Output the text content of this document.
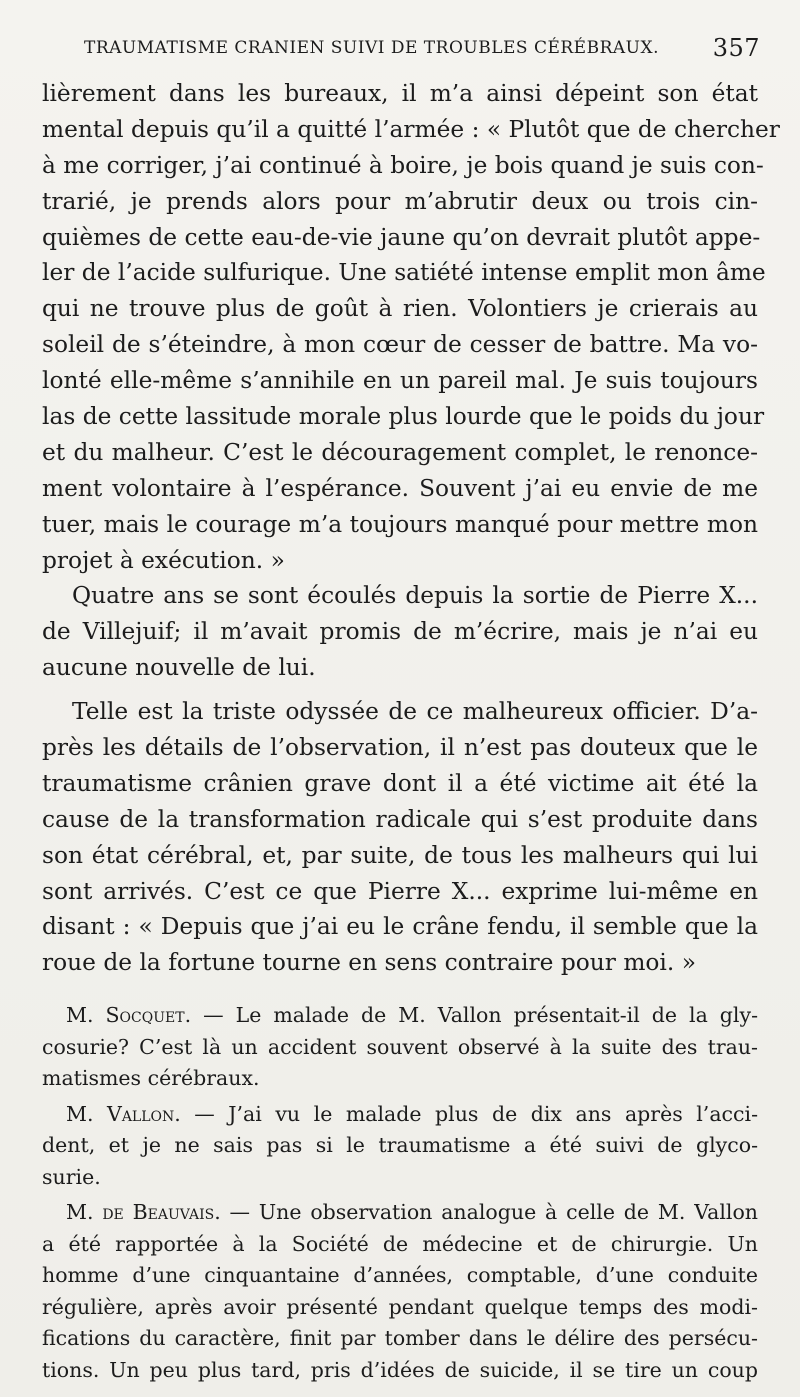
TRAUMATISME CRANIEN SUIVI DE TROUBLES CÉRÉBRAUX. 357
lièrement dans les bureaux, il m’a ainsi dépeint son état
mental depuis qu’il a quitté l’armée : « Plutôt que de chercher
à me corriger, j’ai continué à boire, je bois quand je suis con-
trarié, je prends alors pour m’abrutir deux ou trois cin-
quièmes de cette eau-de-vie jaune qu’on devrait plutôt appe-
ler de l’acide sulfurique. Une satiété intense emplit mon âme
qui ne trouve plus de goût à rien. Volontiers je crierais au
soleil de s’éteindre, à mon cœur de cesser de battre. Ma vo-
lonté elle-même s’annihile en un pareil mal. Je suis toujours
las de cette lassitude morale plus lourde que le poids du jour
et du malheur. C’est le découragement complet, le renonce-
ment volontaire à l’espérance. Souvent j’ai eu envie de me
tuer, mais le courage m’a toujours manqué pour mettre mon
projet à exécution. »
Quatre ans se sont écoulés depuis la sortie de Pierre X...
de Villejuif; il m’avait promis de m’écrire, mais je n’ai eu
aucune nouvelle de lui.
Telle est la triste odyssée de ce malheureux officier. D’a-
près les détails de l’observation, il n’est pas douteux que le
traumatisme crânien grave dont il a été victime ait été la
cause de la transformation radicale qui s’est produite dans
son état cérébral, et, par suite, de tous les malheurs qui lui
sont arrivés. C’est ce que Pierre X... exprime lui-même en
disant : « Depuis que j’ai eu le crâne fendu, il semble que la
roue de la fortune tourne en sens contraire pour moi. »
M. Socquet. — Le malade de M. Vallon présentait-il de la gly-
cosurie? C’est là un accident souvent observé à la suite des trau-
matismes cérébraux.
M. Vallon. — J’ai vu le malade plus de dix ans après l’acci-
dent, et je ne sais pas si le traumatisme a été suivi de glyco-
surie.
M. de Beauvais. — Une observation analogue à celle de M. Vallon
a été rapportée à la Société de médecine et de chirurgie. Un
homme d’une cinquantaine d’années, comptable, d’une conduite
régulière, après avoir présenté pendant quelque temps des modi-
fications du caractère, finit par tomber dans le délire des persécu-
tions. Un peu plus tard, pris d’idées de suicide, il se tire un coup
